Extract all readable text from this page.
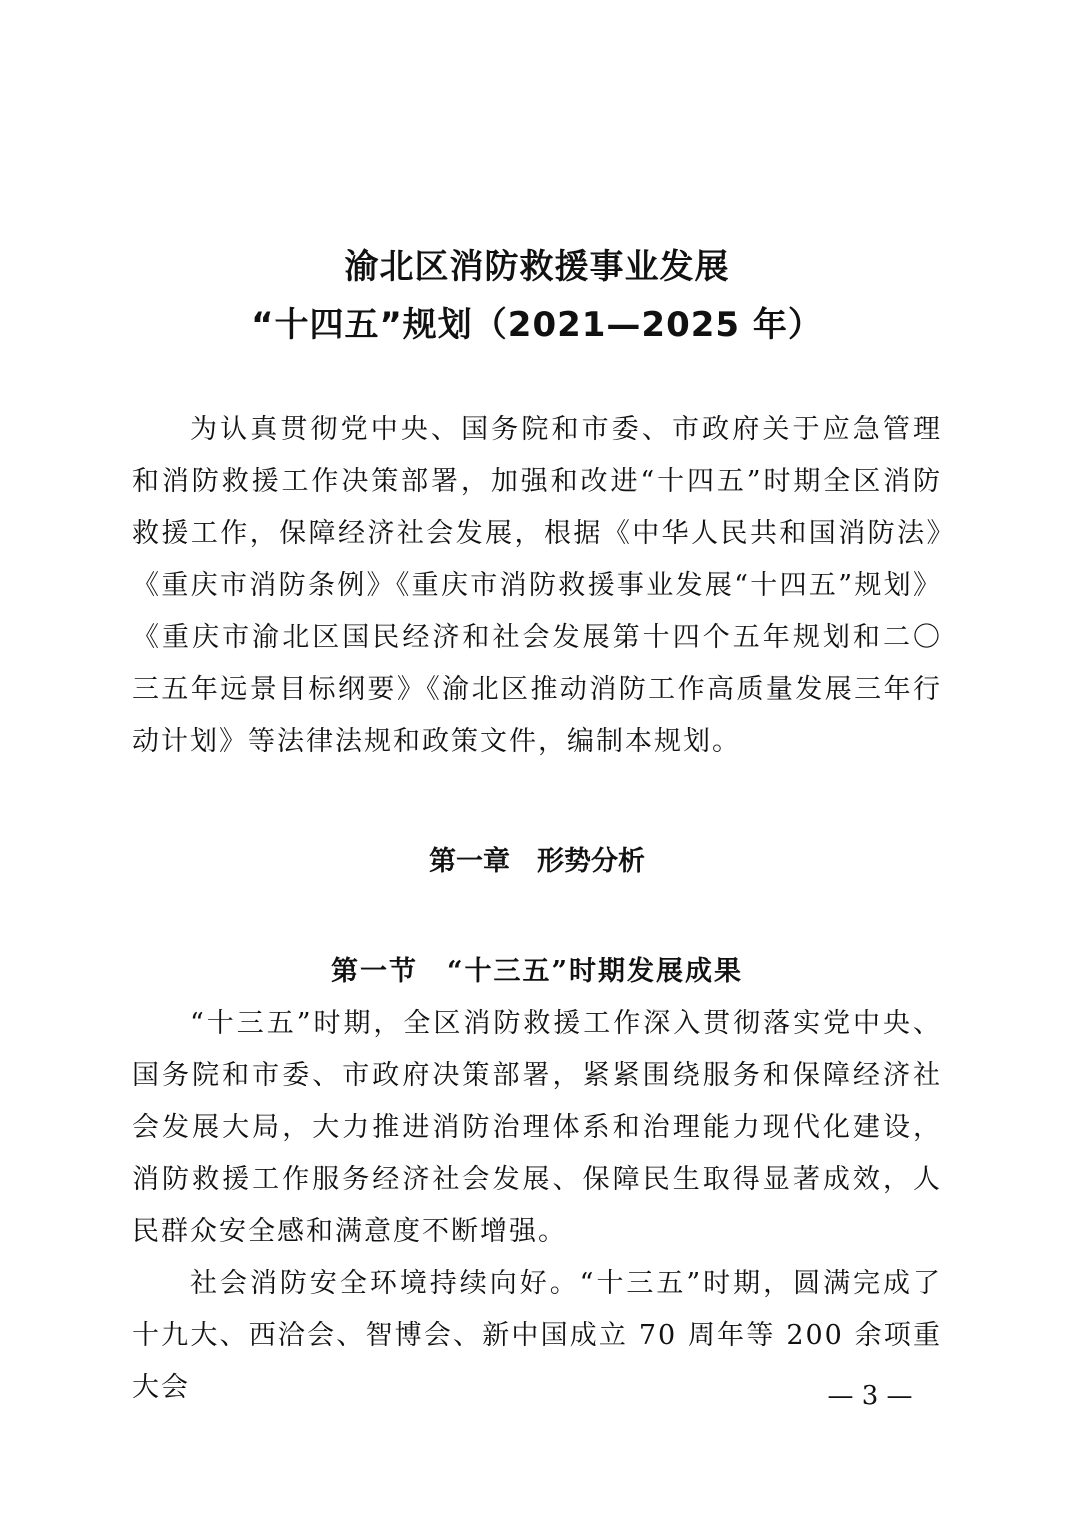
渝北区消防救援事业发展
“十四五”规划（2021—2025 年）

为认真贯彻党中央、国务院和市委、市政府关于应急管理和消防救援工作决策部署，加强和改进“十四五”时期全区消防救援工作，保障经济社会发展，根据《中华人民共和国消防法》《重庆市消防条例》《重庆市消防救援事业发展“十四五”规划》《重庆市渝北区国民经济和社会发展第十四个五年规划和二〇三五年远景目标纲要》《渝北区推动消防工作高质量发展三年行动计划》等法律法规和政策文件，编制本规划。

第一章　形势分析
第一节　“十三五”时期发展成果

“十三五”时期，全区消防救援工作深入贯彻落实党中央、国务院和市委、市政府决策部署，紧紧围绕服务和保障经济社会发展大局，大力推进消防治理体系和治理能力现代化建设，消防救援工作服务经济社会发展、保障民生取得显著成效，人民群众安全感和满意度不断增强。

社会消防安全环境持续向好。“十三五”时期，圆满完成了十九大、西洽会、智博会、新中国成立 70 周年等 200 余项重大会	— 3 —
